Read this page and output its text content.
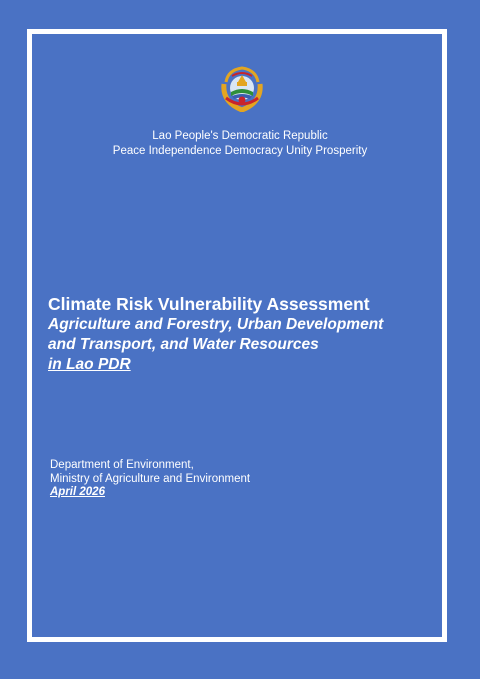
Lao People's Democratic Republic
Peace Independence Democracy Unity Prosperity
Climate Risk Vulnerability Assessment
Agriculture and Forestry, Urban Development
and Transport, and Water Resources
in Lao PDR
Department of Environment,
Ministry of Agriculture and Environment
April 2026
